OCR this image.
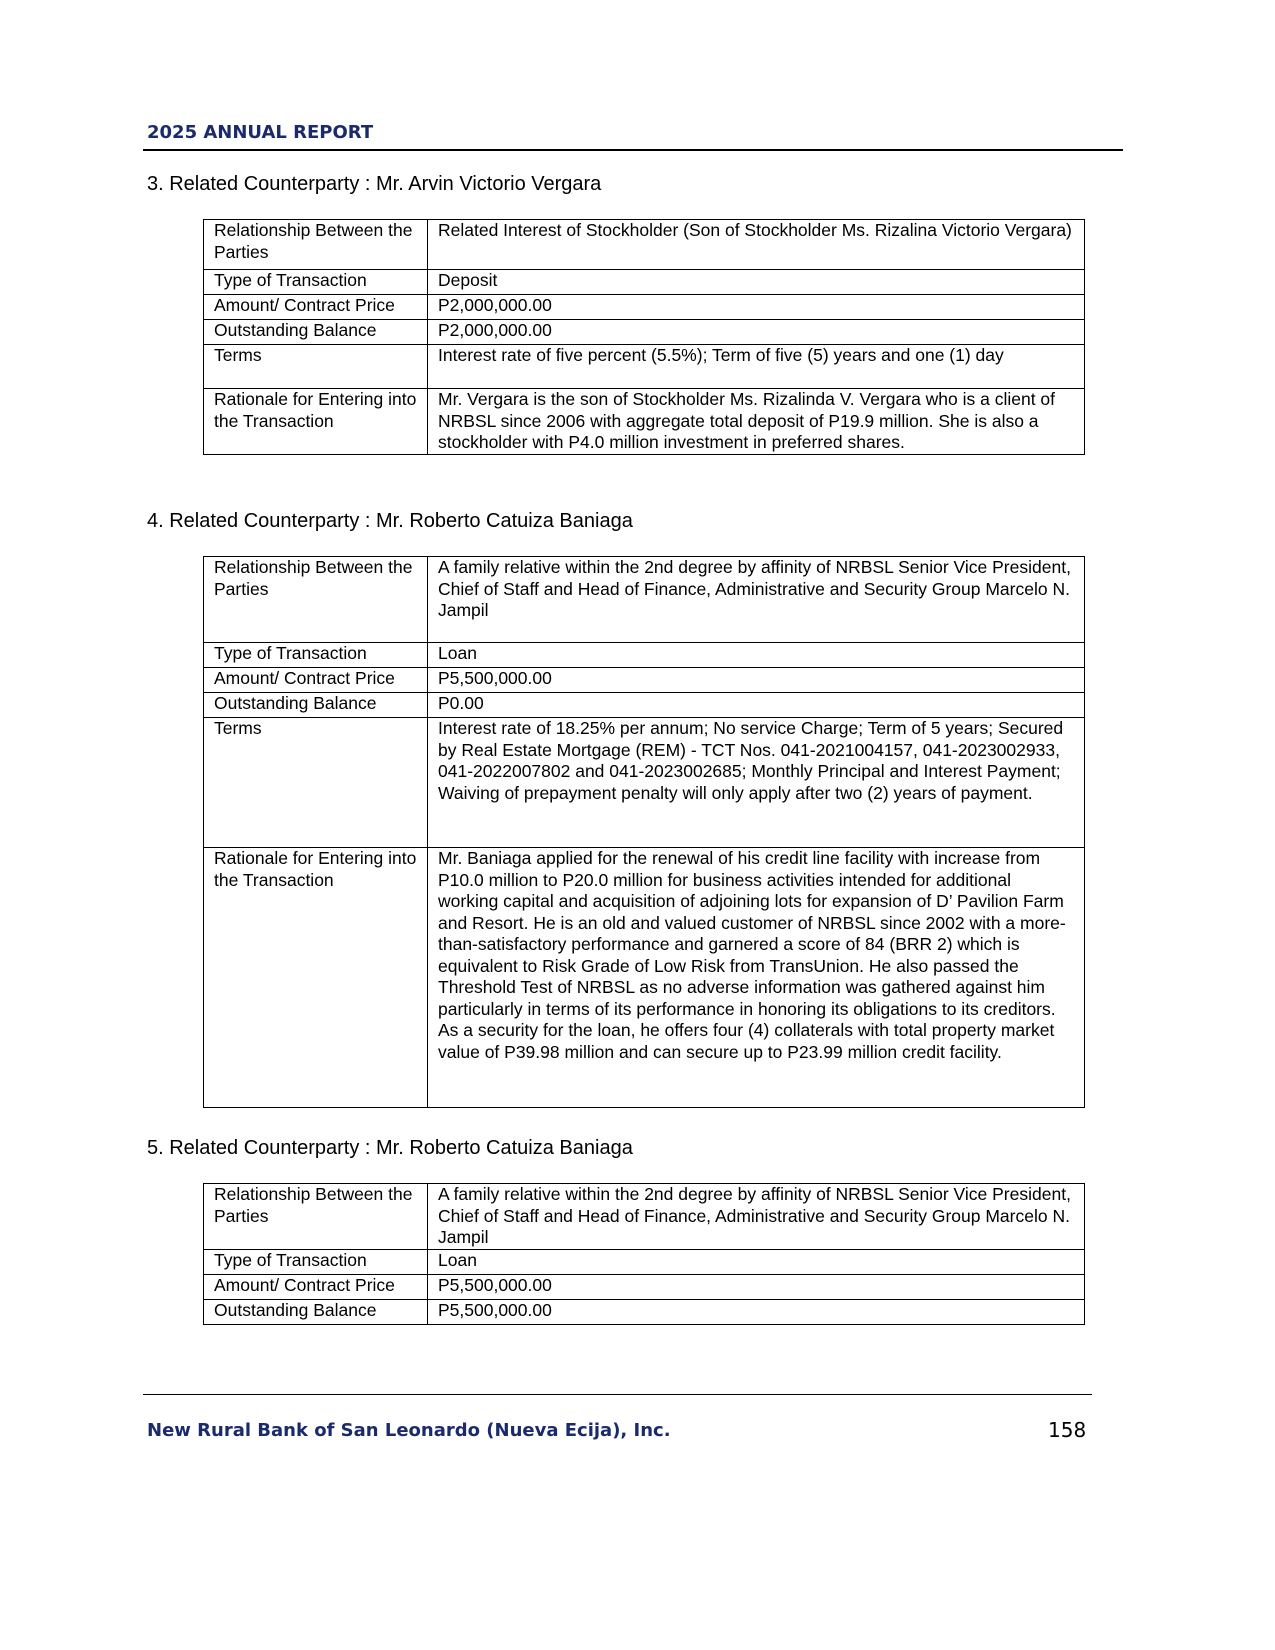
2025 ANNUAL REPORT
3. Related Counterparty : Mr. Arvin Victorio Vergara
Relationship Between the Parties	Related Interest of Stockholder (Son of Stockholder Ms. Rizalina Victorio Vergara)
Type of Transaction	Deposit
Amount/ Contract Price	P2,000,000.00
Outstanding Balance	P2,000,000.00
Terms	Interest rate of five percent (5.5%); Term of five (5) years and one (1) day
Rationale for Entering into the Transaction	Mr. Vergara is the son of Stockholder Ms. Rizalinda V. Vergara who is a client of NRBSL since 2006 with aggregate total deposit of P19.9 million. She is also a stockholder with P4.0 million investment in preferred shares.
4. Related Counterparty : Mr. Roberto Catuiza Baniaga
Relationship Between the Parties	A family relative within the 2nd degree by affinity of NRBSL Senior Vice President, Chief of Staff and Head of Finance, Administrative and Security Group Marcelo N. Jampil
Type of Transaction	Loan
Amount/ Contract Price	P5,500,000.00
Outstanding Balance	P0.00
Terms	Interest rate of 18.25% per annum; No service Charge; Term of 5 years; Secured by Real Estate Mortgage (REM) - TCT Nos. 041-2021004157, 041-2023002933, 041-2022007802 and 041-2023002685; Monthly Principal and Interest Payment; Waiving of prepayment penalty will only apply after two (2) years of payment.
Rationale for Entering into the Transaction	Mr. Baniaga applied for the renewal of his credit line facility with increase from P10.0 million to P20.0 million for business activities intended for additional working capital and acquisition of adjoining lots for expansion of D’ Pavilion Farm and Resort. He is an old and valued customer of NRBSL since 2002 with a more-than-satisfactory performance and garnered a score of 84 (BRR 2) which is equivalent to Risk Grade of Low Risk from TransUnion. He also passed the Threshold Test of NRBSL as no adverse information was gathered against him particularly in terms of its performance in honoring its obligations to its creditors. As a security for the loan, he offers four (4) collaterals with total property market value of P39.98 million and can secure up to P23.99 million credit facility.
5. Related Counterparty : Mr. Roberto Catuiza Baniaga
Relationship Between the Parties	A family relative within the 2nd degree by affinity of NRBSL Senior Vice President, Chief of Staff and Head of Finance, Administrative and Security Group Marcelo N. Jampil
Type of Transaction	Loan
Amount/ Contract Price	P5,500,000.00
Outstanding Balance	P5,500,000.00
New Rural Bank of San Leonardo (Nueva Ecija), Inc.	158
